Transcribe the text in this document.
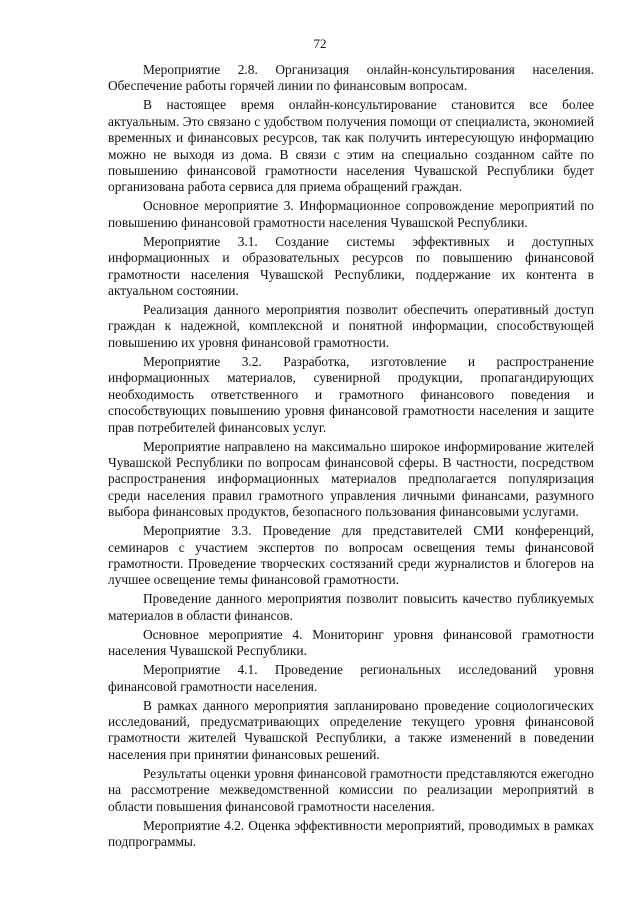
72

Мероприятие 2.8. Организация онлайн-консультирования населения. Обеспечение работы горячей линии по финансовым вопросам.

В настоящее время онлайн-консультирование становится все более актуальным. Это связано с удобством получения помощи от специалиста, экономией временных и финансовых ресурсов, так как получить интересующую информацию можно не выходя из дома. В связи с этим на специально созданном сайте по повышению финансовой грамотности населения Чувашской Республики будет организована работа сервиса для приема обращений граждан.

Основное мероприятие 3. Информационное сопровождение мероприятий по повышению финансовой грамотности населения Чувашской Республики.

Мероприятие 3.1. Создание системы эффективных и доступных информационных и образовательных ресурсов по повышению финансовой грамотности населения Чувашской Республики, поддержание их контента в актуальном состоянии.

Реализация данного мероприятия позволит обеспечить оперативный доступ граждан к надежной, комплексной и понятной информации, способствующей повышению их уровня финансовой грамотности.

Мероприятие 3.2. Разработка, изготовление и распространение информационных материалов, сувенирной продукции, пропагандирующих необходимость ответственного и грамотного финансового поведения и способствующих повышению уровня финансовой грамотности населения и защите прав потребителей финансовых услуг.

Мероприятие направлено на максимально широкое информирование жителей Чувашской Республики по вопросам финансовой сферы. В частности, посредством распространения информационных материалов предполагается популяризация среди населения правил грамотного управления личными финансами, разумного выбора финансовых продуктов, безопасного пользования финансовыми услугами.

Мероприятие 3.3. Проведение для представителей СМИ конференций, семинаров с участием экспертов по вопросам освещения темы финансовой грамотности. Проведение творческих состязаний среди журналистов и блогеров на лучшее освещение темы финансовой грамотности.

Проведение данного мероприятия позволит повысить качество публикуемых материалов в области финансов.

Основное мероприятие 4. Мониторинг уровня финансовой грамотности населения Чувашской Республики.

Мероприятие 4.1. Проведение региональных исследований уровня финансовой грамотности населения.

В рамках данного мероприятия запланировано проведение социологических исследований, предусматривающих определение текущего уровня финансовой грамотности жителей Чувашской Республики, а также изменений в поведении населения при принятии финансовых решений.

Результаты оценки уровня финансовой грамотности представляются ежегодно на рассмотрение межведомственной комиссии по реализации мероприятий в области повышения финансовой грамотности населения.

Мероприятие 4.2. Оценка эффективности мероприятий, проводимых в рамках подпрограммы.
